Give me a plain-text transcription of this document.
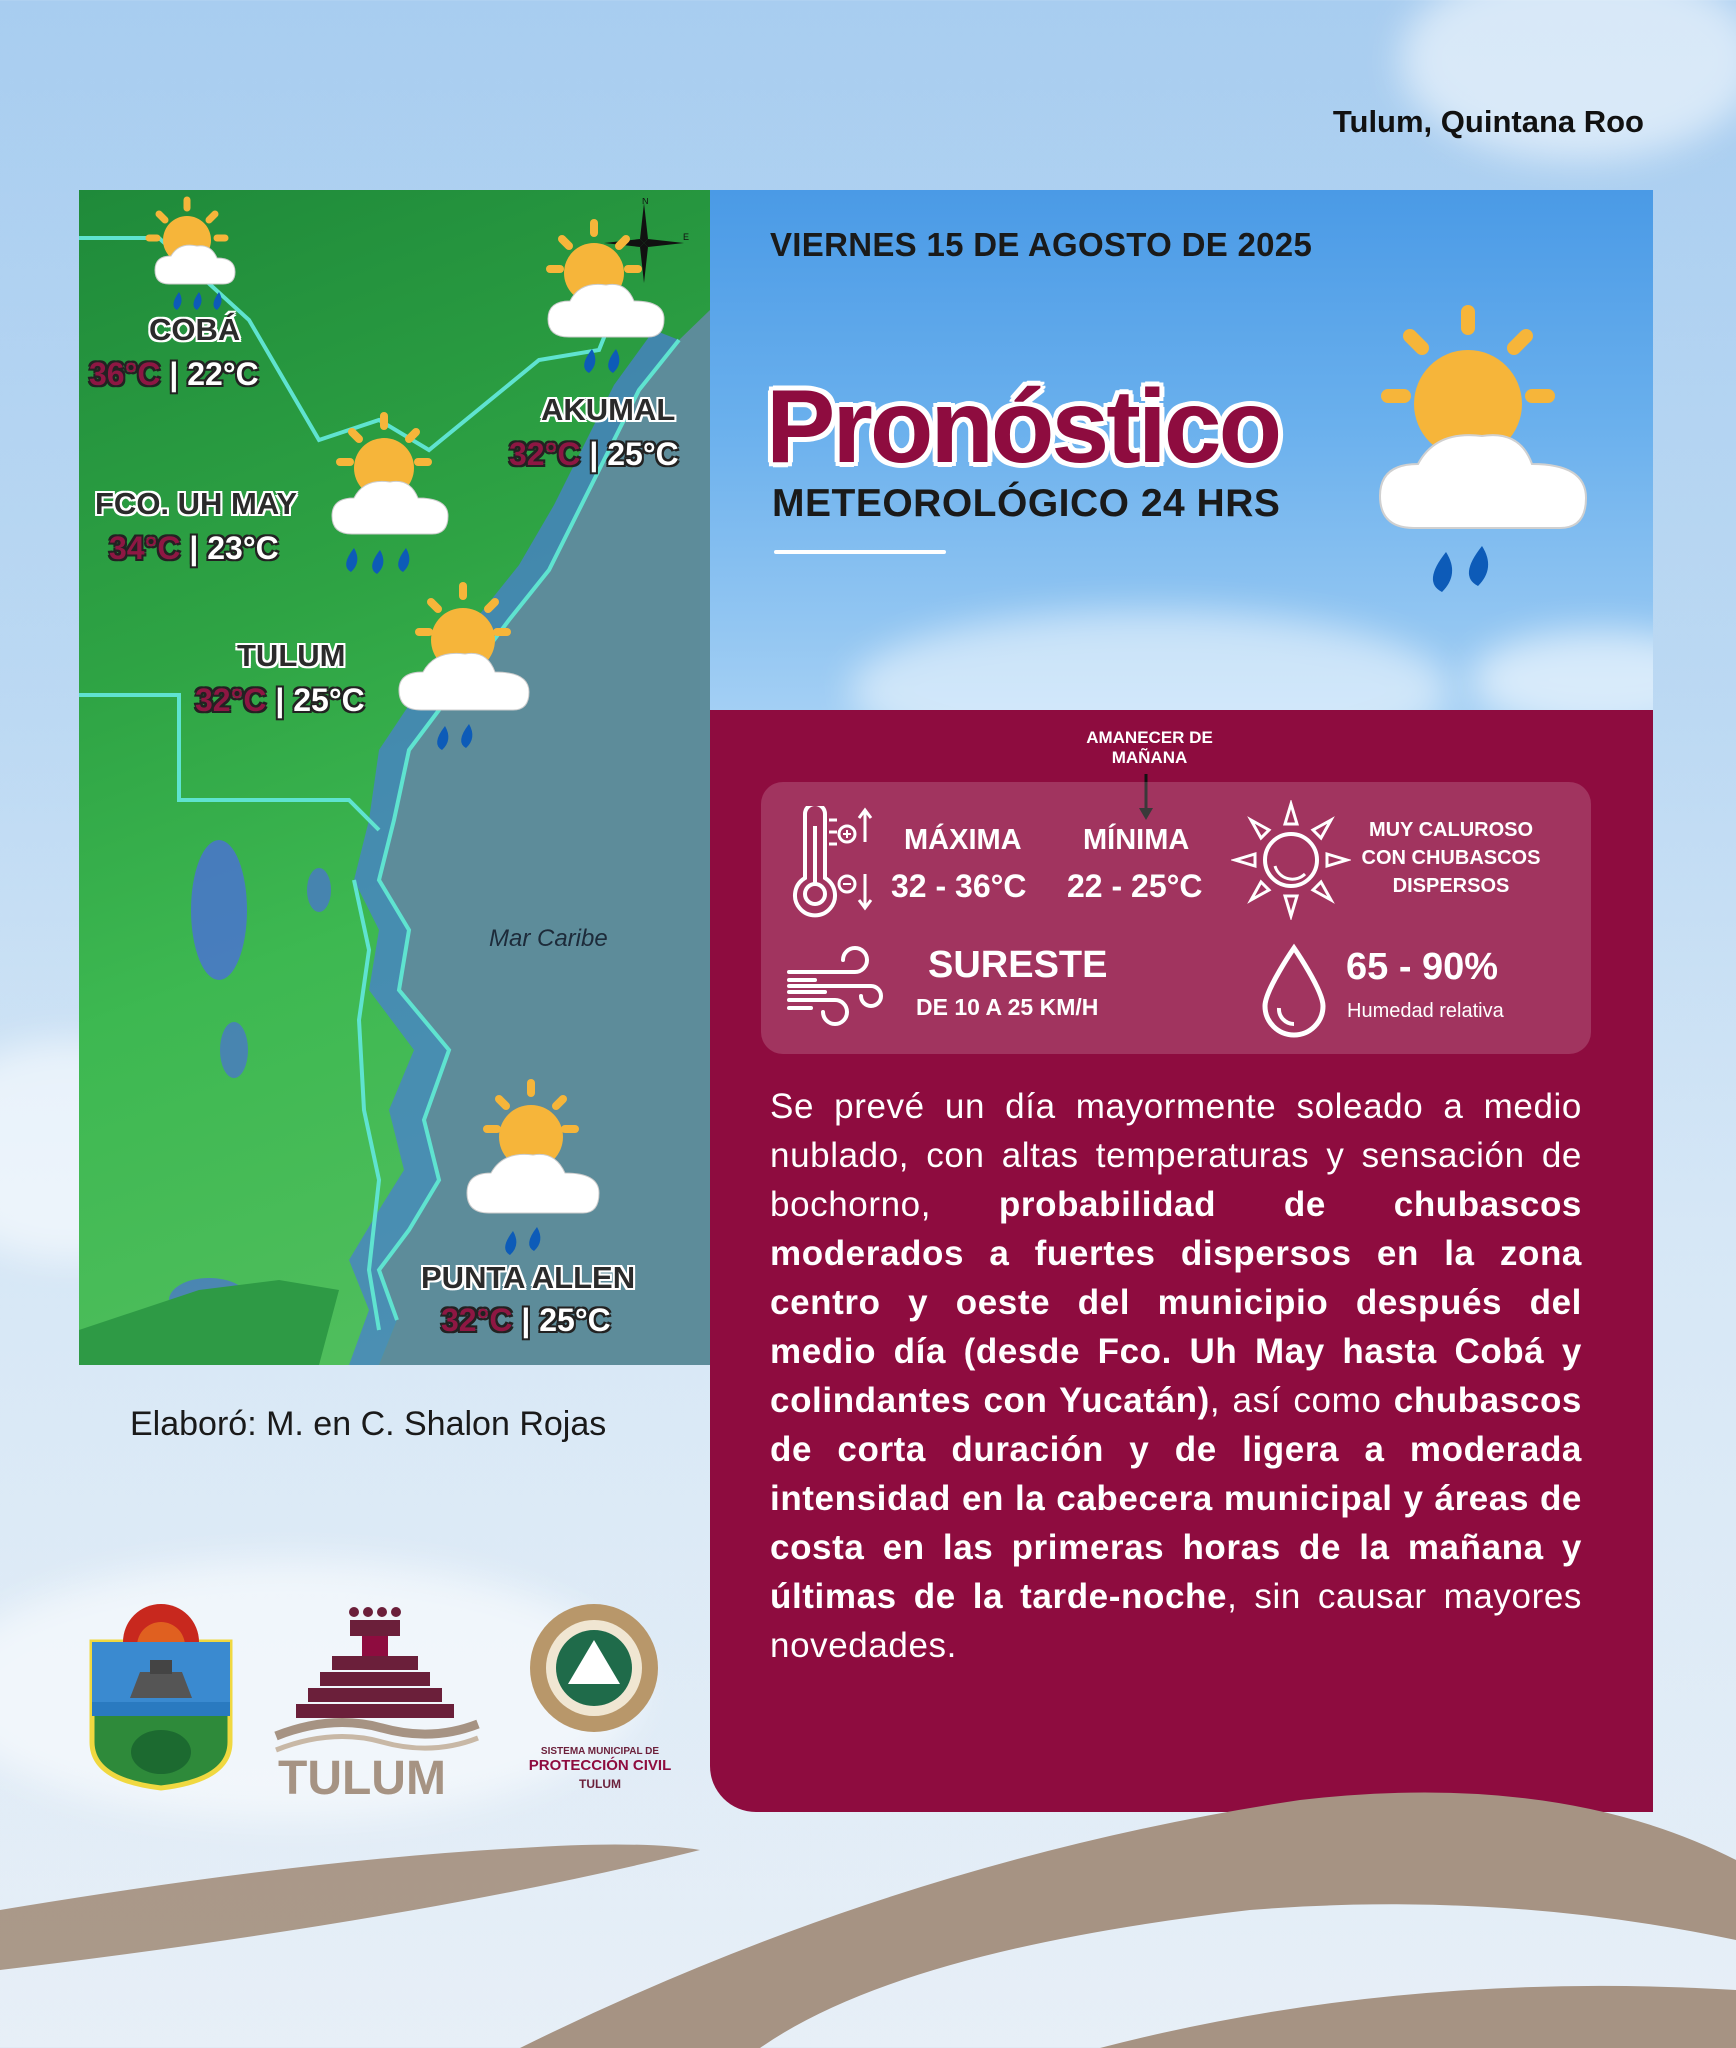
Tulum, Quintana Roo
N
E
COBÁ
36°C | 22°C
AKUMAL
32°C | 25°C
FCO. UH MAY
34°C | 23°C
TULUM
32°C | 25°C
PUNTA ALLEN
32°C | 25°C
Mar Caribe
VIERNES 15 DE AGOSTO DE 2025
Pronóstico
METEOROLÓGICO 24 HRS
AMANECER DE MAÑANA
MÁXIMA
32 - 36°C
MÍNIMA
22 - 25°C
MUY CALUROSO CON CHUBASCOS DISPERSOS
SURESTE
DE 10 A 25 KM/H
65 - 90%
Humedad relativa
Se prevé un día mayormente soleado a medio nublado, con altas temperaturas y sensación de bochorno, probabilidad de chubascos moderados a fuertes dispersos en la zona centro y oeste del municipio después del medio día (desde Fco. Uh May hasta Cobá y colindantes con Yucatán), así como chubascos de corta duración y de ligera a moderada intensidad en la cabecera municipal y áreas de costa en las primeras horas de la mañana y últimas de la tarde-noche, sin causar mayores novedades.
Elaboró: M. en C. Shalon Rojas
TULUM
SISTEMA MUNICIPAL DE
PROTECCIÓN CIVIL
TULUM
